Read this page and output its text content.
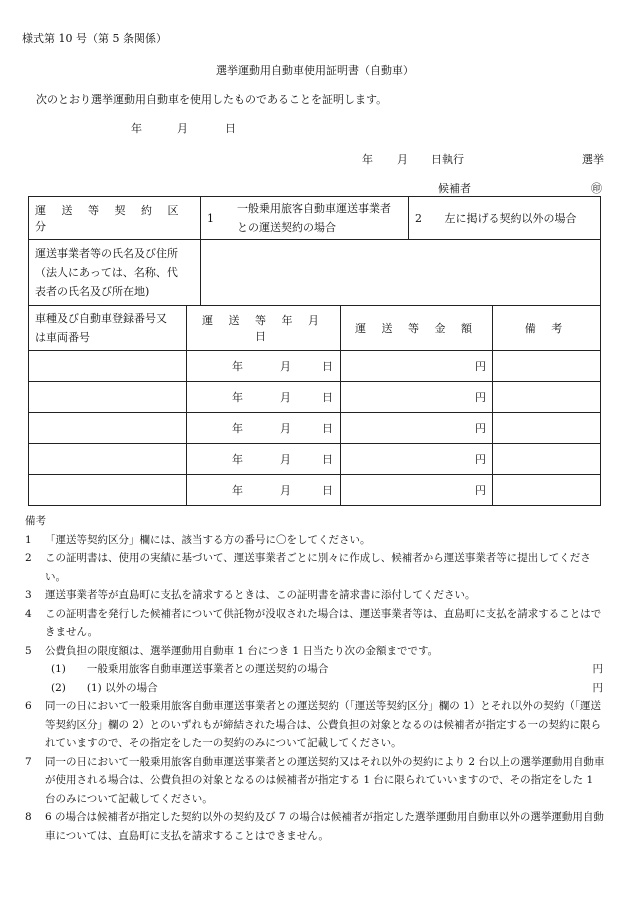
様式第 10 号（第 5 条関係）
選挙運動用自動車使用証明書（自動車）
次のとおり選挙運動用自動車を使用したものであることを証明します。
年	月	日
年 月 日執行	選挙
候補者	㊞
運 送 等 契 約 区 分	1
一般乗用旅客自動車運送事業者
との運送契約の場合	2 左に掲げる契約以外の場合

運送事業者等の氏名及び住所
（法人にあっては、名称、代
表者の氏名及び所在地)		

車種及び自動車登録番号又
は車両番号	運 送 等 年 月 日	運 送 等 金 額	備 考
	年 月 日	円	
	年 月 日	円	
	年 月 日	円	
	年 月 日	円	
	年 月 日	円	
備考
1 「運送等契約区分」欄には、該当する方の番号に〇をしてください。
2 この証明書は、使用の実績に基づいて、運送事業者ごとに別々に作成し、候補者から運送事業者等に提出してください。
3 運送事業者等が直島町に支払を請求するときは、この証明書を請求書に添付してください。
4 この証明書を発行した候補者について供託物が没収された場合は、運送事業者等は、直島町に支払を請求することはできません。
5 公費負担の限度額は、選挙運動用自動車 1 台につき 1 日当たり次の金額までです。
(1)　　一般乗用旅客自動車運送事業者との運送契約の場合	円
(2)　　(1) 以外の場合	円
6 同一の日において一般乗用旅客自動車運送事業者との運送契約（「運送等契約区分」欄の 1）とそれ以外の契約（「運送等契約区分」欄の 2）とのいずれもが締結された場合は、公費負担の対象となるのは候補者が指定する一の契約に限られていますので、その指定をした一の契約のみについて記載してください。
7 同一の日において一般乗用旅客自動車運送事業者との運送契約又はそれ以外の契約により 2 台以上の選挙運動用自動車が使用される場合は、公費負担の対象となるのは候補者が指定する 1 台に限られていいますので、その指定をした 1 台のみについて記載してください。
8 6 の場合は候補者が指定した契約以外の契約及び 7 の場合は候補者が指定した選挙運動用自動車以外の選挙運動用自動車については、直島町に支払を請求することはできません。
